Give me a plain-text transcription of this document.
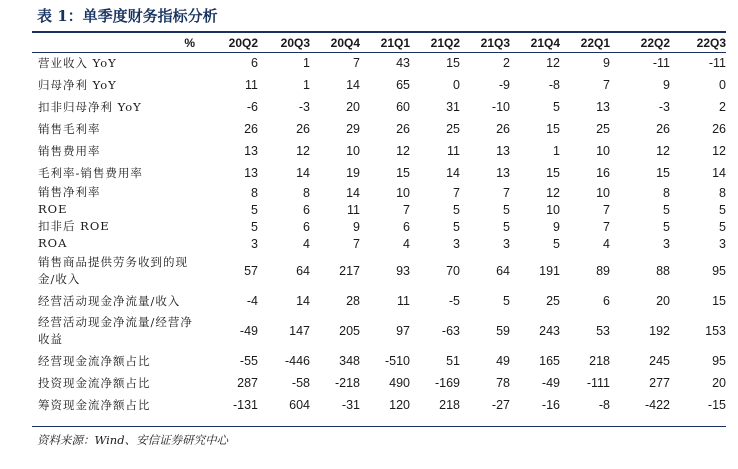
表 1：单季度财务指标分析
%	20Q2	20Q3	20Q4	21Q1	21Q2	21Q3	21Q4	22Q1	22Q2	22Q3
营业收入 YoY	6	1	7	43	15	2	12	9	-11	-11
归母净利 YoY	11	1	14	65	0	-9	-8	7	9	0
扣非归母净利 YoY	-6	-3	20	60	31	-10	5	13	-3	2
销售毛利率	26	26	29	26	25	26	15	25	26	26
销售费用率	13	12	10	12	11	13	1	10	12	12
毛利率-销售费用率	13	14	19	15	14	13	15	16	15	14
销售净利率	8	8	14	10	7	7	12	10	8	8
ROE	5	6	11	7	5	5	10	7	5	5
扣非后 ROE	5	6	9	6	5	5	9	7	5	5
ROA	3	4	7	4	3	3	5	4	3	3
销售商品提供劳务收到的现金/收入	57	64	217	93	70	64	191	89	88	95
经营活动现金净流量/收入	-4	14	28	11	-5	5	25	6	20	15
经营活动现金净流量/经营净收益	-49	147	205	97	-63	59	243	53	192	153
经营现金流净额占比	-55	-446	348	-510	51	49	165	218	245	95
投资现金流净额占比	287	-58	-218	490	-169	78	-49	-111	277	20
筹资现金流净额占比	-131	604	-31	120	218	-27	-16	-8	-422	-15
资料来源：Wind、安信证券研究中心
